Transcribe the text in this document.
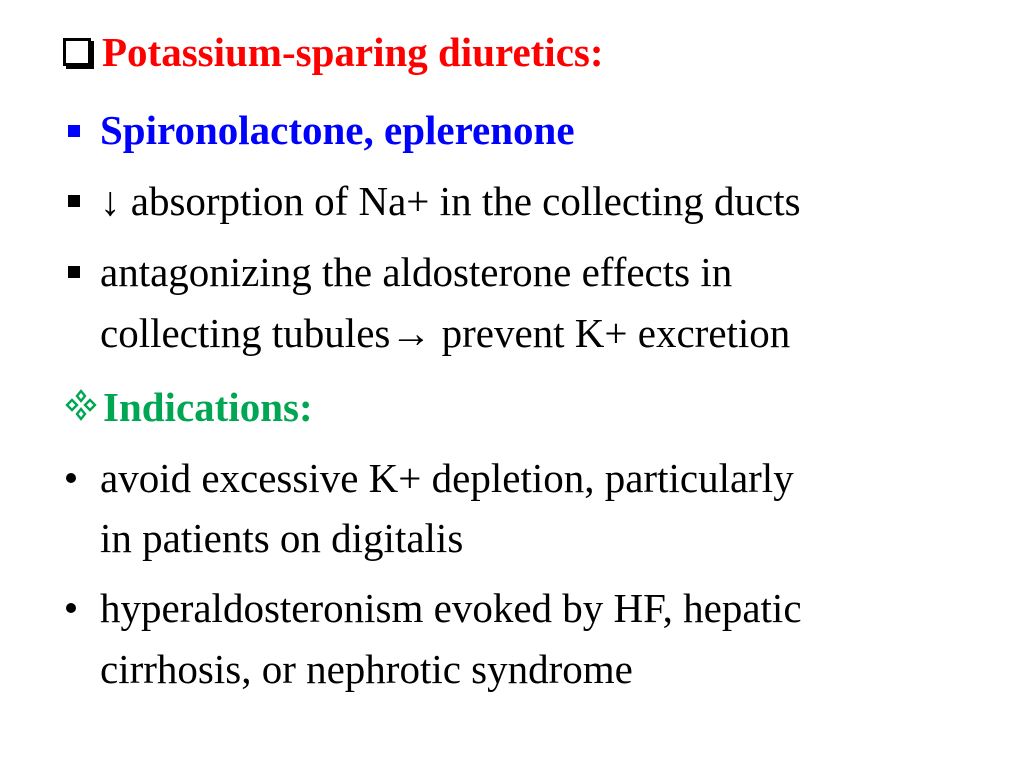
Potassium-sparing diuretics:
Spironolactone, eplerenone
↓ absorption of Na+ in the collecting ducts
antagonizing the aldosterone effects in
collecting tubules→ prevent K+ excretion
Indications:
avoid excessive K+ depletion, particularly
in patients on digitalis
hyperaldosteronism evoked by HF, hepatic
cirrhosis, or nephrotic syndrome
